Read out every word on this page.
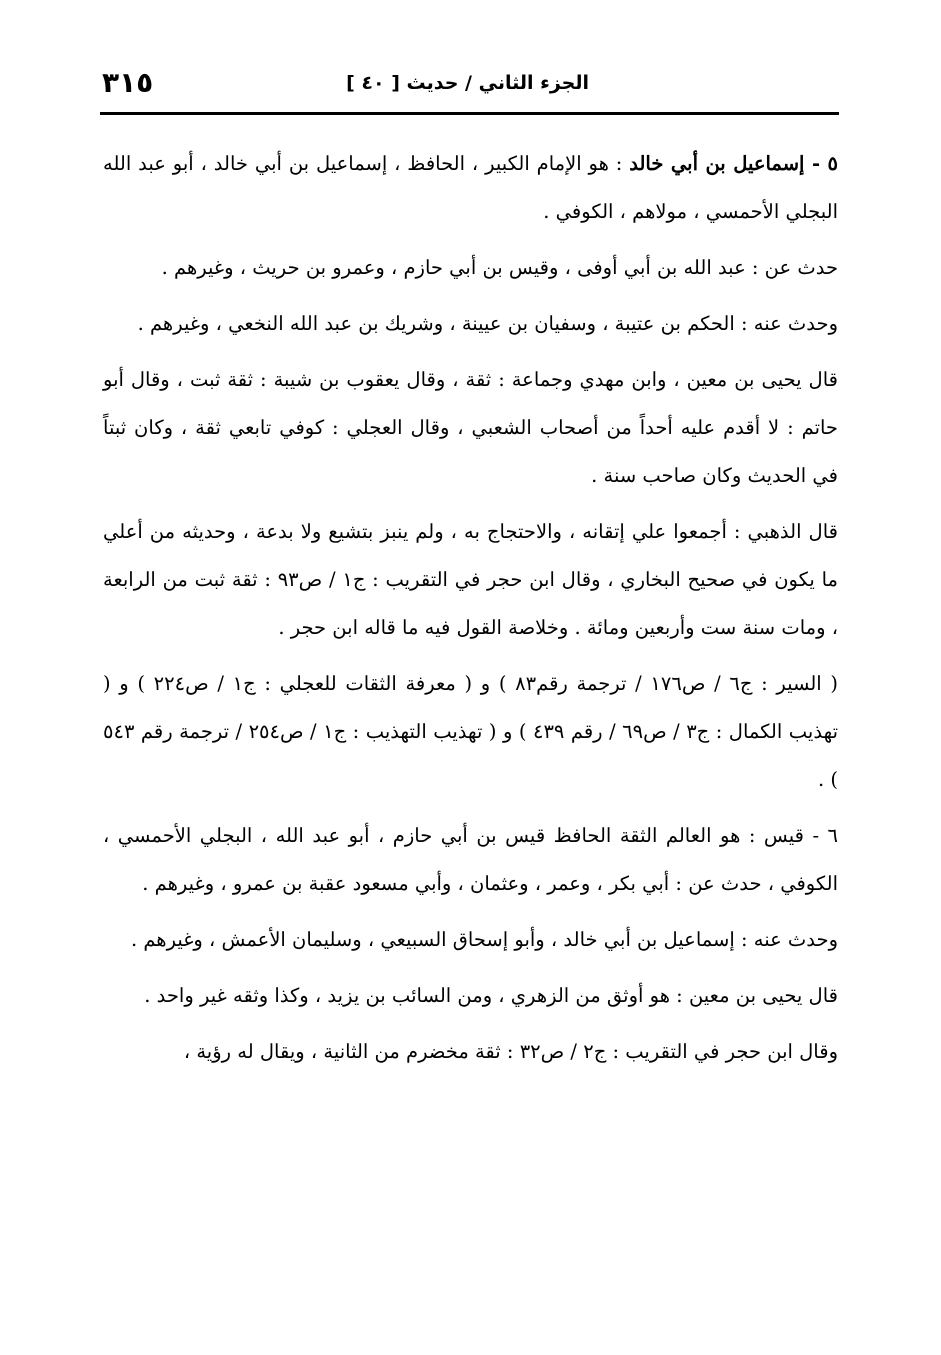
الجزء الثاني / حديث [ ٤٠ ]
٣١٥

٥ - إسماعيل بن أبي خالد : هو الإمام الكبير ، الحافظ ، إسماعيل بن أبي خالد ، أبو عبد الله البجلي الأحمسي ، مولاهم ، الكوفي .

حدث عن : عبد الله بن أبي أوفى ، وقيس بن أبي حازم ، وعمرو بن حريث ، وغيرهم .

وحدث عنه : الحكم بن عتيبة ، وسفيان بن عيينة ، وشريك بن عبد الله النخعي ، وغيرهم .

قال يحيى بن معين ، وابن مهدي وجماعة : ثقة ، وقال يعقوب بن شيبة : ثقة ثبت ، وقال أبو حاتم : لا أقدم عليه أحداً من أصحاب الشعبي ، وقال العجلي : كوفي تابعي ثقة ، وكان ثبتاً في الحديث وكان صاحب سنة .

قال الذهبي : أجمعوا علي إتقانه ، والاحتجاج به ، ولم ينبز بتشيع ولا بدعة ، وحديثه من أعلي ما يكون في صحيح البخاري ، وقال ابن حجر في التقريب : ج١ / ص٩٣ : ثقة ثبت من الرابعة ، ومات سنة ست وأربعين ومائة . وخلاصة القول فيه ما قاله ابن حجر .

( السير : ج٦ / ص١٧٦ / ترجمة رقم٨٣ ) و ( معرفة الثقات للعجلي : ج١ / ص٢٢٤ ) و ( تهذيب الكمال : ج٣ / ص٦٩ / رقم ٤٣٩ ) و ( تهذيب التهذيب : ج١ / ص٢٥٤ / ترجمة رقم ٥٤٣ ) .

٦ - قيس : هو العالم الثقة الحافظ قيس بن أبي حازم ، أبو عبد الله ، البجلي الأحمسي ، الكوفي ، حدث عن : أبي بكر ، وعمر ، وعثمان ، وأبي مسعود عقبة بن عمرو ، وغيرهم .

وحدث عنه : إسماعيل بن أبي خالد ، وأبو إسحاق السبيعي ، وسليمان الأعمش ، وغيرهم .

قال يحيى بن معين : هو أوثق من الزهري ، ومن السائب بن يزيد ، وكذا وثقه غير واحد .

وقال ابن حجر في التقريب : ج٢ / ص٣٢ : ثقة مخضرم من الثانية ، ويقال له رؤية ،
